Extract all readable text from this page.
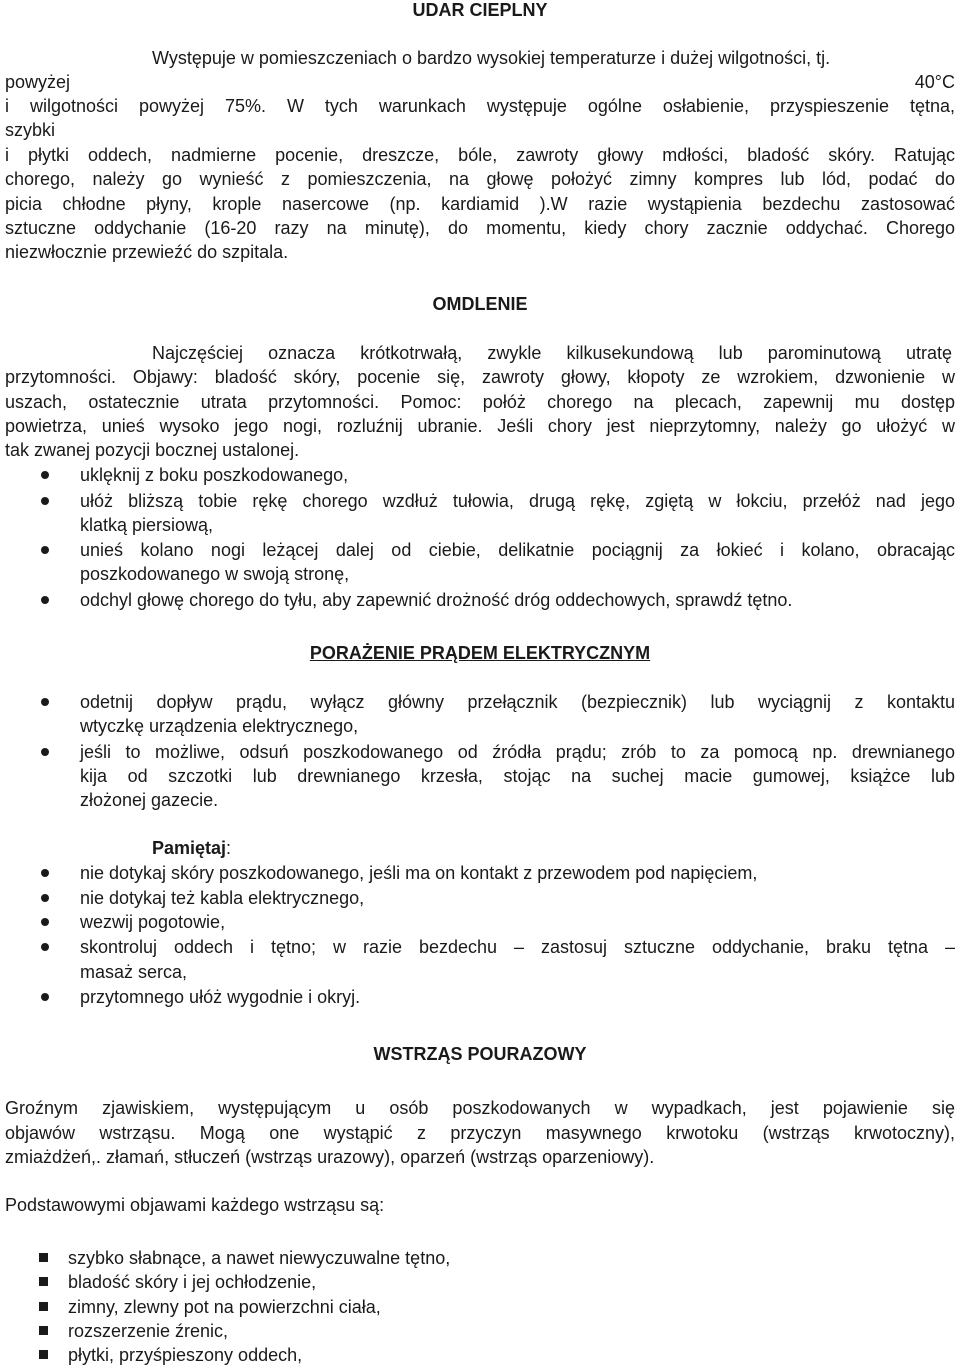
UDAR CIEPLNY
Występuje w pomieszczeniach o bardzo wysokiej temperaturze i dużej wilgotności, tj.
powyżej	40°C
i wilgotności powyżej 75%. W tych warunkach występuje ogólne osłabienie, przyspieszenie tętna,
szybki
i płytki oddech, nadmierne pocenie, dreszcze, bóle, zawroty głowy mdłości, bladość skóry. Ratując
chorego, należy go wynieść z pomieszczenia, na głowę położyć zimny kompres lub lód, podać do
picia chłodne płyny, krople nasercowe (np. kardiamid ).W razie wystąpienia bezdechu zastosować
sztuczne oddychanie (16-20 razy na minutę), do momentu, kiedy chory zacznie oddychać. Chorego
niezwłocznie przewieźć do szpitala.
OMDLENIE
Najczęściej oznacza krótkotrwałą, zwykle kilkusekundową lub parominutową utratę
przytomności. Objawy: bladość skóry, pocenie się, zawroty głowy, kłopoty ze wzrokiem, dzwonienie w
uszach, ostatecznie utrata przytomności. Pomoc: połóż chorego na plecach, zapewnij mu dostęp
powietrza, unieś wysoko jego nogi, rozluźnij ubranie. Jeśli chory jest nieprzytomny, należy go ułożyć w
tak zwanej pozycji bocznej ustalonej.
uklęknij z boku poszkodowanego,
ułóż bliższą tobie rękę chorego wzdłuż tułowia, drugą rękę, zgiętą w łokciu, przełóż nad jego
klatką piersiową,
unieś kolano nogi leżącej dalej od ciebie, delikatnie pociągnij za łokieć i kolano, obracając
poszkodowanego w swoją stronę,
odchyl głowę chorego do tyłu, aby zapewnić drożność dróg oddechowych, sprawdź tętno.
PORAŻENIE PRĄDEM ELEKTRYCZNYM
odetnij dopływ prądu, wyłącz główny przełącznik (bezpiecznik) lub wyciągnij z kontaktu
wtyczkę urządzenia elektrycznego,
jeśli to możliwe, odsuń poszkodowanego od źródła prądu; zrób to za pomocą np. drewnianego
kija od szczotki lub drewnianego krzesła, stojąc na suchej macie gumowej, książce lub
złożonej gazecie.
Pamiętaj:
nie dotykaj skóry poszkodowanego, jeśli ma on kontakt z przewodem pod napięciem,
nie dotykaj też kabla elektrycznego,
wezwij pogotowie,
skontroluj oddech i tętno; w razie bezdechu – zastosuj sztuczne oddychanie, braku tętna –
masaż serca,
przytomnego ułóż wygodnie i okryj.
WSTRZĄS POURAZOWY
Groźnym zjawiskiem, występującym u osób poszkodowanych w wypadkach, jest pojawienie się
objawów wstrząsu. Mogą one wystąpić z przyczyn masywnego krwotoku (wstrząs krwotoczny),
zmiażdżeń,. złamań, stłuczeń (wstrząs urazowy), oparzeń (wstrząs oparzeniowy).
Podstawowymi objawami każdego wstrząsu są:
szybko słabnące, a nawet niewyczuwalne tętno,
bladość skóry i jej ochłodzenie,
zimny, zlewny pot na powierzchni ciała,
rozszerzenie źrenic,
płytki, przyśpieszony oddech,
